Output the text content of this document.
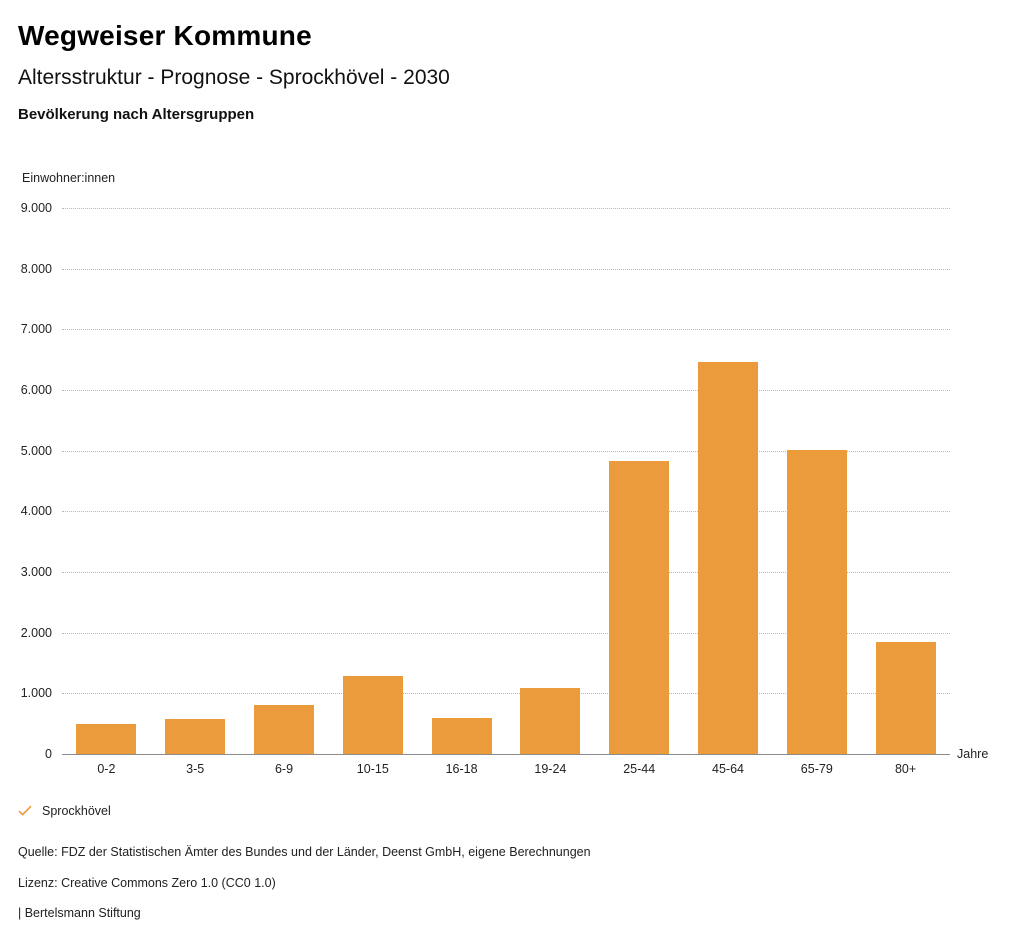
Wegweiser Kommune
Altersstruktur - Prognose - Sprockhövel - 2030
Bevölkerung nach Altersgruppen
Einwohner:innen
0
1.000
2.000
3.000
4.000
5.000
6.000
7.000
8.000
9.000
0-2	3-5	6-9	10-15	16-18	19-24	25-44	45-64	65-79	80+
Jahre
Sprockhövel
Quelle: FDZ der Statistischen Ämter des Bundes und der Länder, Deenst GmbH, eigene Berechnungen
Lizenz: Creative Commons Zero 1.0 (CC0 1.0)
| Bertelsmann Stiftung
